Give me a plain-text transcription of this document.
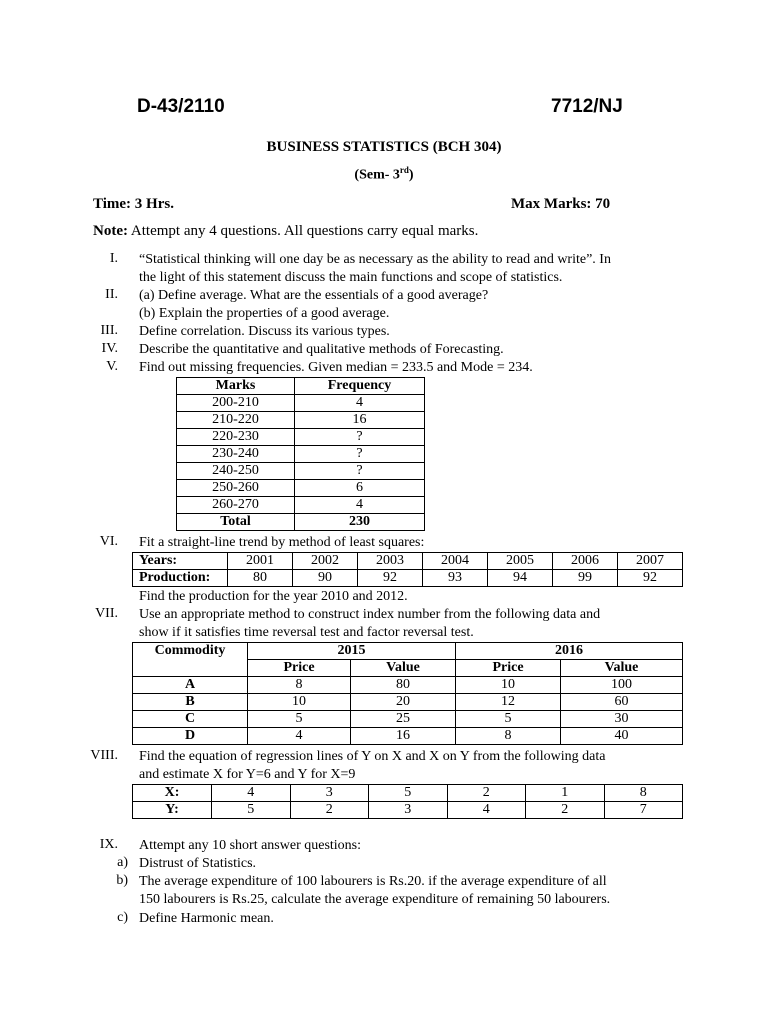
D-43/2110	7712/NJ
BUSINESS STATISTICS (BCH 304)
(Sem- 3rd)
Time: 3 Hrs.	Max Marks: 70
Note: Attempt any 4 questions. All questions carry equal marks.
I. “Statistical thinking will one day be as necessary as the ability to read and write”. In
the light of this statement discuss the main functions and scope of statistics.
II. (a) Define average. What are the essentials of a good average?
(b) Explain the properties of a good average.
III. Define correlation. Discuss its various types.
IV. Describe the quantitative and qualitative methods of Forecasting.
V. Find out missing frequencies. Given median = 233.5 and Mode = 234.
Marks	Frequency
200-210	4
210-220	16
220-230	?
230-240	?
240-250	?
250-260	6
260-270	4
Total	230
VI. Fit a straight-line trend by method of least squares:
Years:	2001	2002	2003	2004	2005	2006	2007
Production:	80	90	92	93	94	99	92
Find the production for the year 2010 and 2012.
VII. Use an appropriate method to construct index number from the following data and
show if it satisfies time reversal test and factor reversal test.
Commodity	2015		2016	
	Price	Value	Price	Value
A	8	80	10	100
B	10	20	12	60
C	5	25	5	30
D	4	16	8	40
VIII. Find the equation of regression lines of Y on X and X on Y from the following data
and estimate X for Y=6 and Y for X=9
X:	4	3	5	2	1	8
Y:	5	2	3	4	2	7
IX. Attempt any 10 short answer questions:
a) Distrust of Statistics.
b) The average expenditure of 100 labourers is Rs.20. if the average expenditure of all
150 labourers is Rs.25, calculate the average expenditure of remaining 50 labourers.
c) Define Harmonic mean.
